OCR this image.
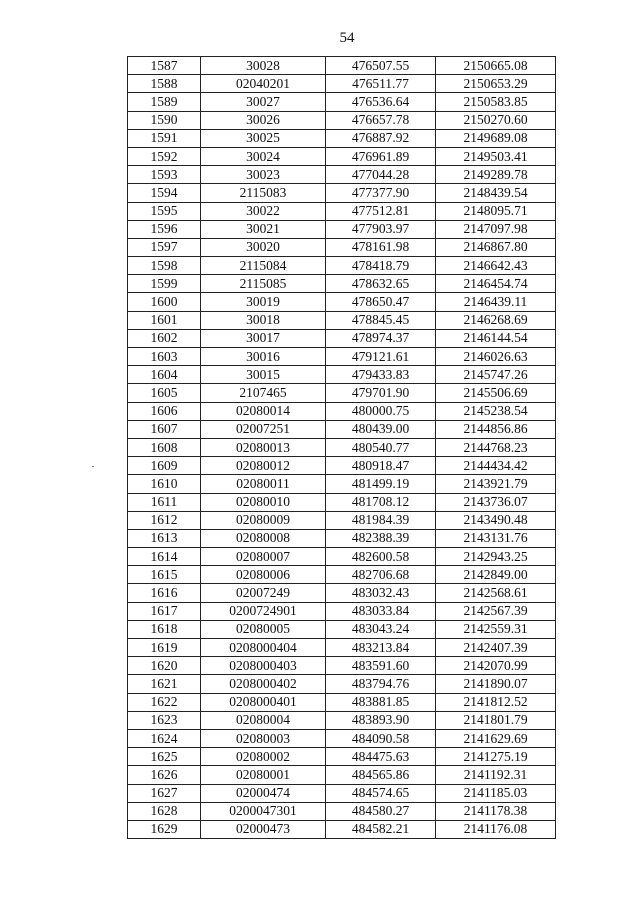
54
1587	30028	476507.55	2150665.08
1588	02040201	476511.77	2150653.29
1589	30027	476536.64	2150583.85
1590	30026	476657.78	2150270.60
1591	30025	476887.92	2149689.08
1592	30024	476961.89	2149503.41
1593	30023	477044.28	2149289.78
1594	2115083	477377.90	2148439.54
1595	30022	477512.81	2148095.71
1596	30021	477903.97	2147097.98
1597	30020	478161.98	2146867.80
1598	2115084	478418.79	2146642.43
1599	2115085	478632.65	2146454.74
1600	30019	478650.47	2146439.11
1601	30018	478845.45	2146268.69
1602	30017	478974.37	2146144.54
1603	30016	479121.61	2146026.63
1604	30015	479433.83	2145747.26
1605	2107465	479701.90	2145506.69
1606	02080014	480000.75	2145238.54
1607	02007251	480439.00	2144856.86
1608	02080013	480540.77	2144768.23
1609	02080012	480918.47	2144434.42
1610	02080011	481499.19	2143921.79
1611	02080010	481708.12	2143736.07
1612	02080009	481984.39	2143490.48
1613	02080008	482388.39	2143131.76
1614	02080007	482600.58	2142943.25
1615	02080006	482706.68	2142849.00
1616	02007249	483032.43	2142568.61
1617	0200724901	483033.84	2142567.39
1618	02080005	483043.24	2142559.31
1619	0208000404	483213.84	2142407.39
1620	0208000403	483591.60	2142070.99
1621	0208000402	483794.76	2141890.07
1622	0208000401	483881.85	2141812.52
1623	02080004	483893.90	2141801.79
1624	02080003	484090.58	2141629.69
1625	02080002	484475.63	2141275.19
1626	02080001	484565.86	2141192.31
1627	02000474	484574.65	2141185.03
1628	0200047301	484580.27	2141178.38
1629	02000473	484582.21	2141176.08
